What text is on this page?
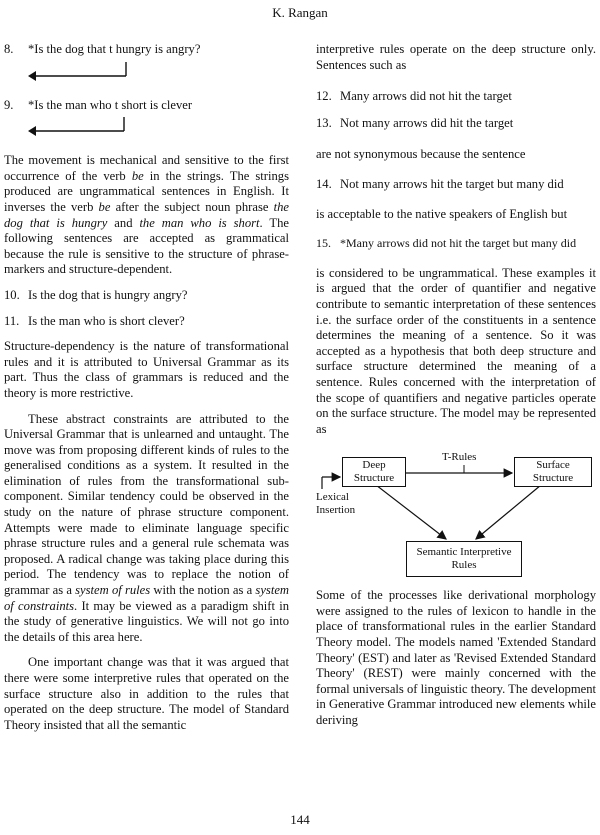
K. Rangan
8. *Is the dog that t hungry is angry?
9. *Is the man who t short is clever

The movement is mechanical and sensitive to the first occurrence of the verb be in the strings. The strings produced are ungrammatical sentences in English. It inverses the verb be after the subject noun phrase the dog that is hungry and the man who is short. The following sentences are accepted as grammatical because the rule is sensitive to the structure of phrase-markers and structure-dependent.

10. Is the dog that is hungry angry?
11. Is the man who is short clever?

Structure-dependency is the nature of transformational rules and it is attributed to Universal Grammar as its part. Thus the class of grammars is reduced and the theory is more restrictive.

These abstract constraints are attributed to the Universal Grammar that is unlearned and untaught. The move was from proposing different kinds of rules to the generalised conditions as a system. It resulted in the elimination of rules from the transformational sub-component. Similar tendency could be observed in the study on the nature of phrase structure component. Attempts were made to eliminate language specific phrase structure rules and a general rule schemata was proposed. A radical change was taking place during this period. The tendency was to replace the notion of grammar as a system of rules with the notion as a system of constraints. It may be viewed as a paradigm shift in the study of generative linguistics. We will not go into the details of this area here.

One important change was that it was argued that there were some interpretive rules that operated on the surface structure also in addition to the rules that operated on the deep structure. The model of Standard Theory insisted that all the semantic

interpretive rules operate on the deep structure only. Sentences such as

12. Many arrows did not hit the target
13. Not many arrows did hit the target

are not synonymous because the sentence

14. Not many arrows hit the target but many did

is acceptable to the native speakers of English but

15. *Many arrows did not hit the target but many did

is considered to be ungrammatical. These examples it is argued that the order of quantifier and negative contribute to semantic interpretation of these sentences i.e. the surface order of the constituents in a sentence determines the meaning of a sentence. So it was accepted as a hypothesis that both deep structure and surface structure determined the meaning of a sentence. Rules concerned with the interpretation of the scope of quantifiers and negative particles operate on the surface structure. The model may be represented as

Deep Structure
T-Rules
Surface Structure
Lexical Insertion
Semantic Interpretive Rules

Some of the processes like derivational morphology were assigned to the rules of lexicon to handle in the place of transformational rules in the earlier Standard Theory model. The models named 'Extended Standard Theory' (EST) and later as 'Revised Extended Standard Theory' (REST) were mainly concerned with the formal universals of linguistic theory. The development in Generative Grammar introduced new elements while deriving

144
